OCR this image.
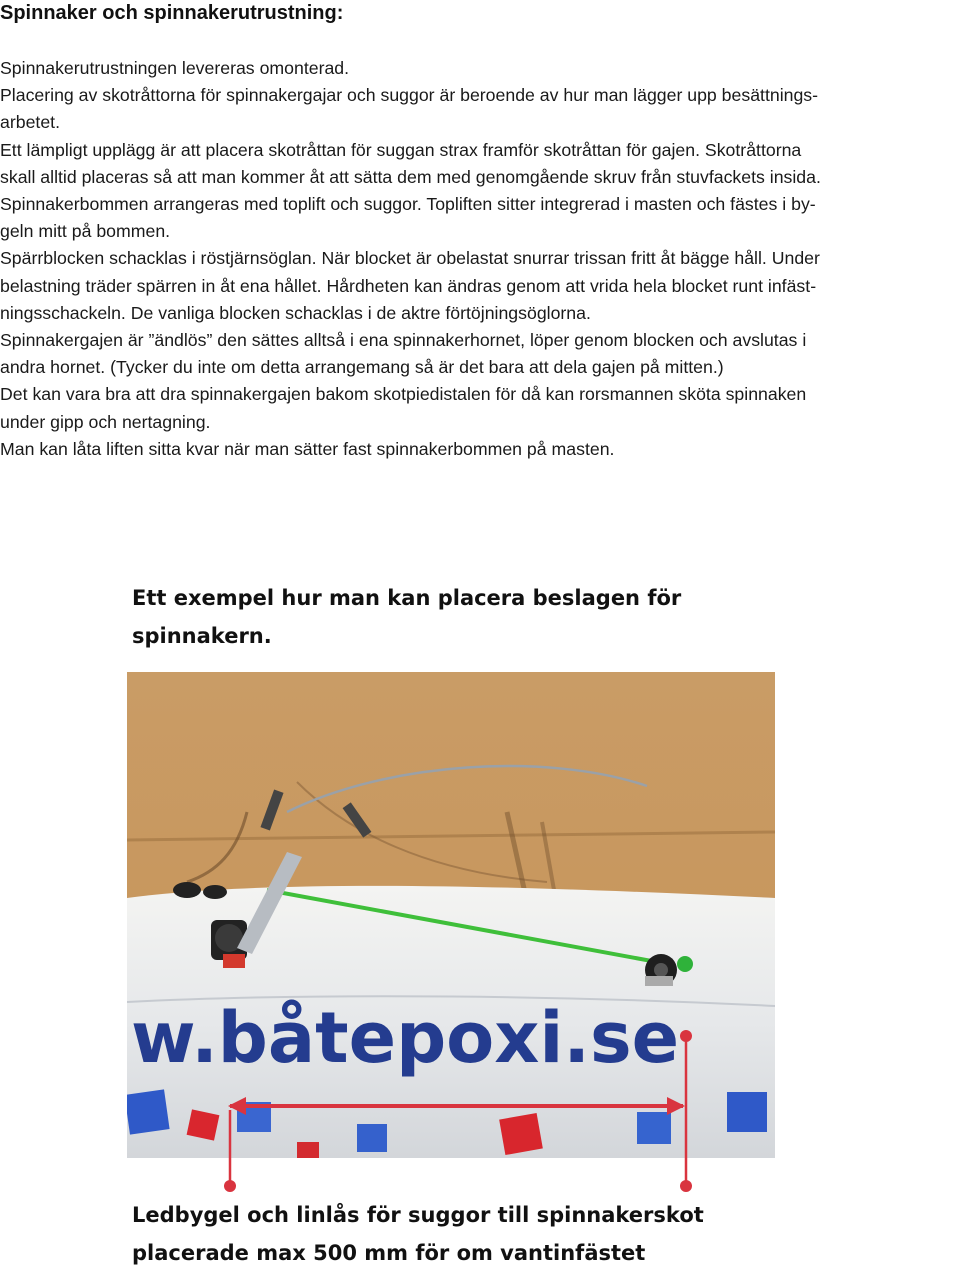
Spinnaker och spinnakerutrustning:

Spinnakerutrustningen levereras omonterad.

Placering av skotråttorna för spinnakergajar och suggor är beroende av hur man lägger upp besättnings-

arbetet.

Ett lämpligt upplägg är att placera skotråttan för suggan strax framför skotråttan för gajen. Skotråttorna

skall alltid placeras så att man kommer åt att sätta dem med genomgående skruv från stuvfackets insida.

Spinnakerbommen arrangeras med toplift och suggor. Topliften sitter integrerad i masten och fästes i by-

geln mitt på bommen.

Spärrblocken schacklas i röstjärnsöglan. När blocket är obelastat snurrar trissan fritt åt bägge håll. Under

belastning träder spärren in åt ena hållet. Hårdheten kan ändras genom att vrida hela blocket runt infäst-

ningsschackeln. De vanliga blocken schacklas i de aktre förtöjningsöglorna.

Spinnakergajen är ”ändlös” den sättes alltså i ena spinnakerhornet, löper genom blocken och avslutas i

andra hornet. (Tycker du inte om detta arrangemang så är det bara att dela gajen på mitten.)

Det kan vara bra att dra spinnakergajen bakom skotpiedistalen för då kan rorsmannen sköta spinnaken

under gipp och nertagning.

Man kan låta liften sitta kvar när man sätter fast spinnakerbommen på masten.

Ett exempel hur man kan placera beslagen för
spinnakern.
w.båtepoxi.se
Ledbygel och linlås för suggor till spinnakerskot
placerade max 500 mm för om vantinfästet
